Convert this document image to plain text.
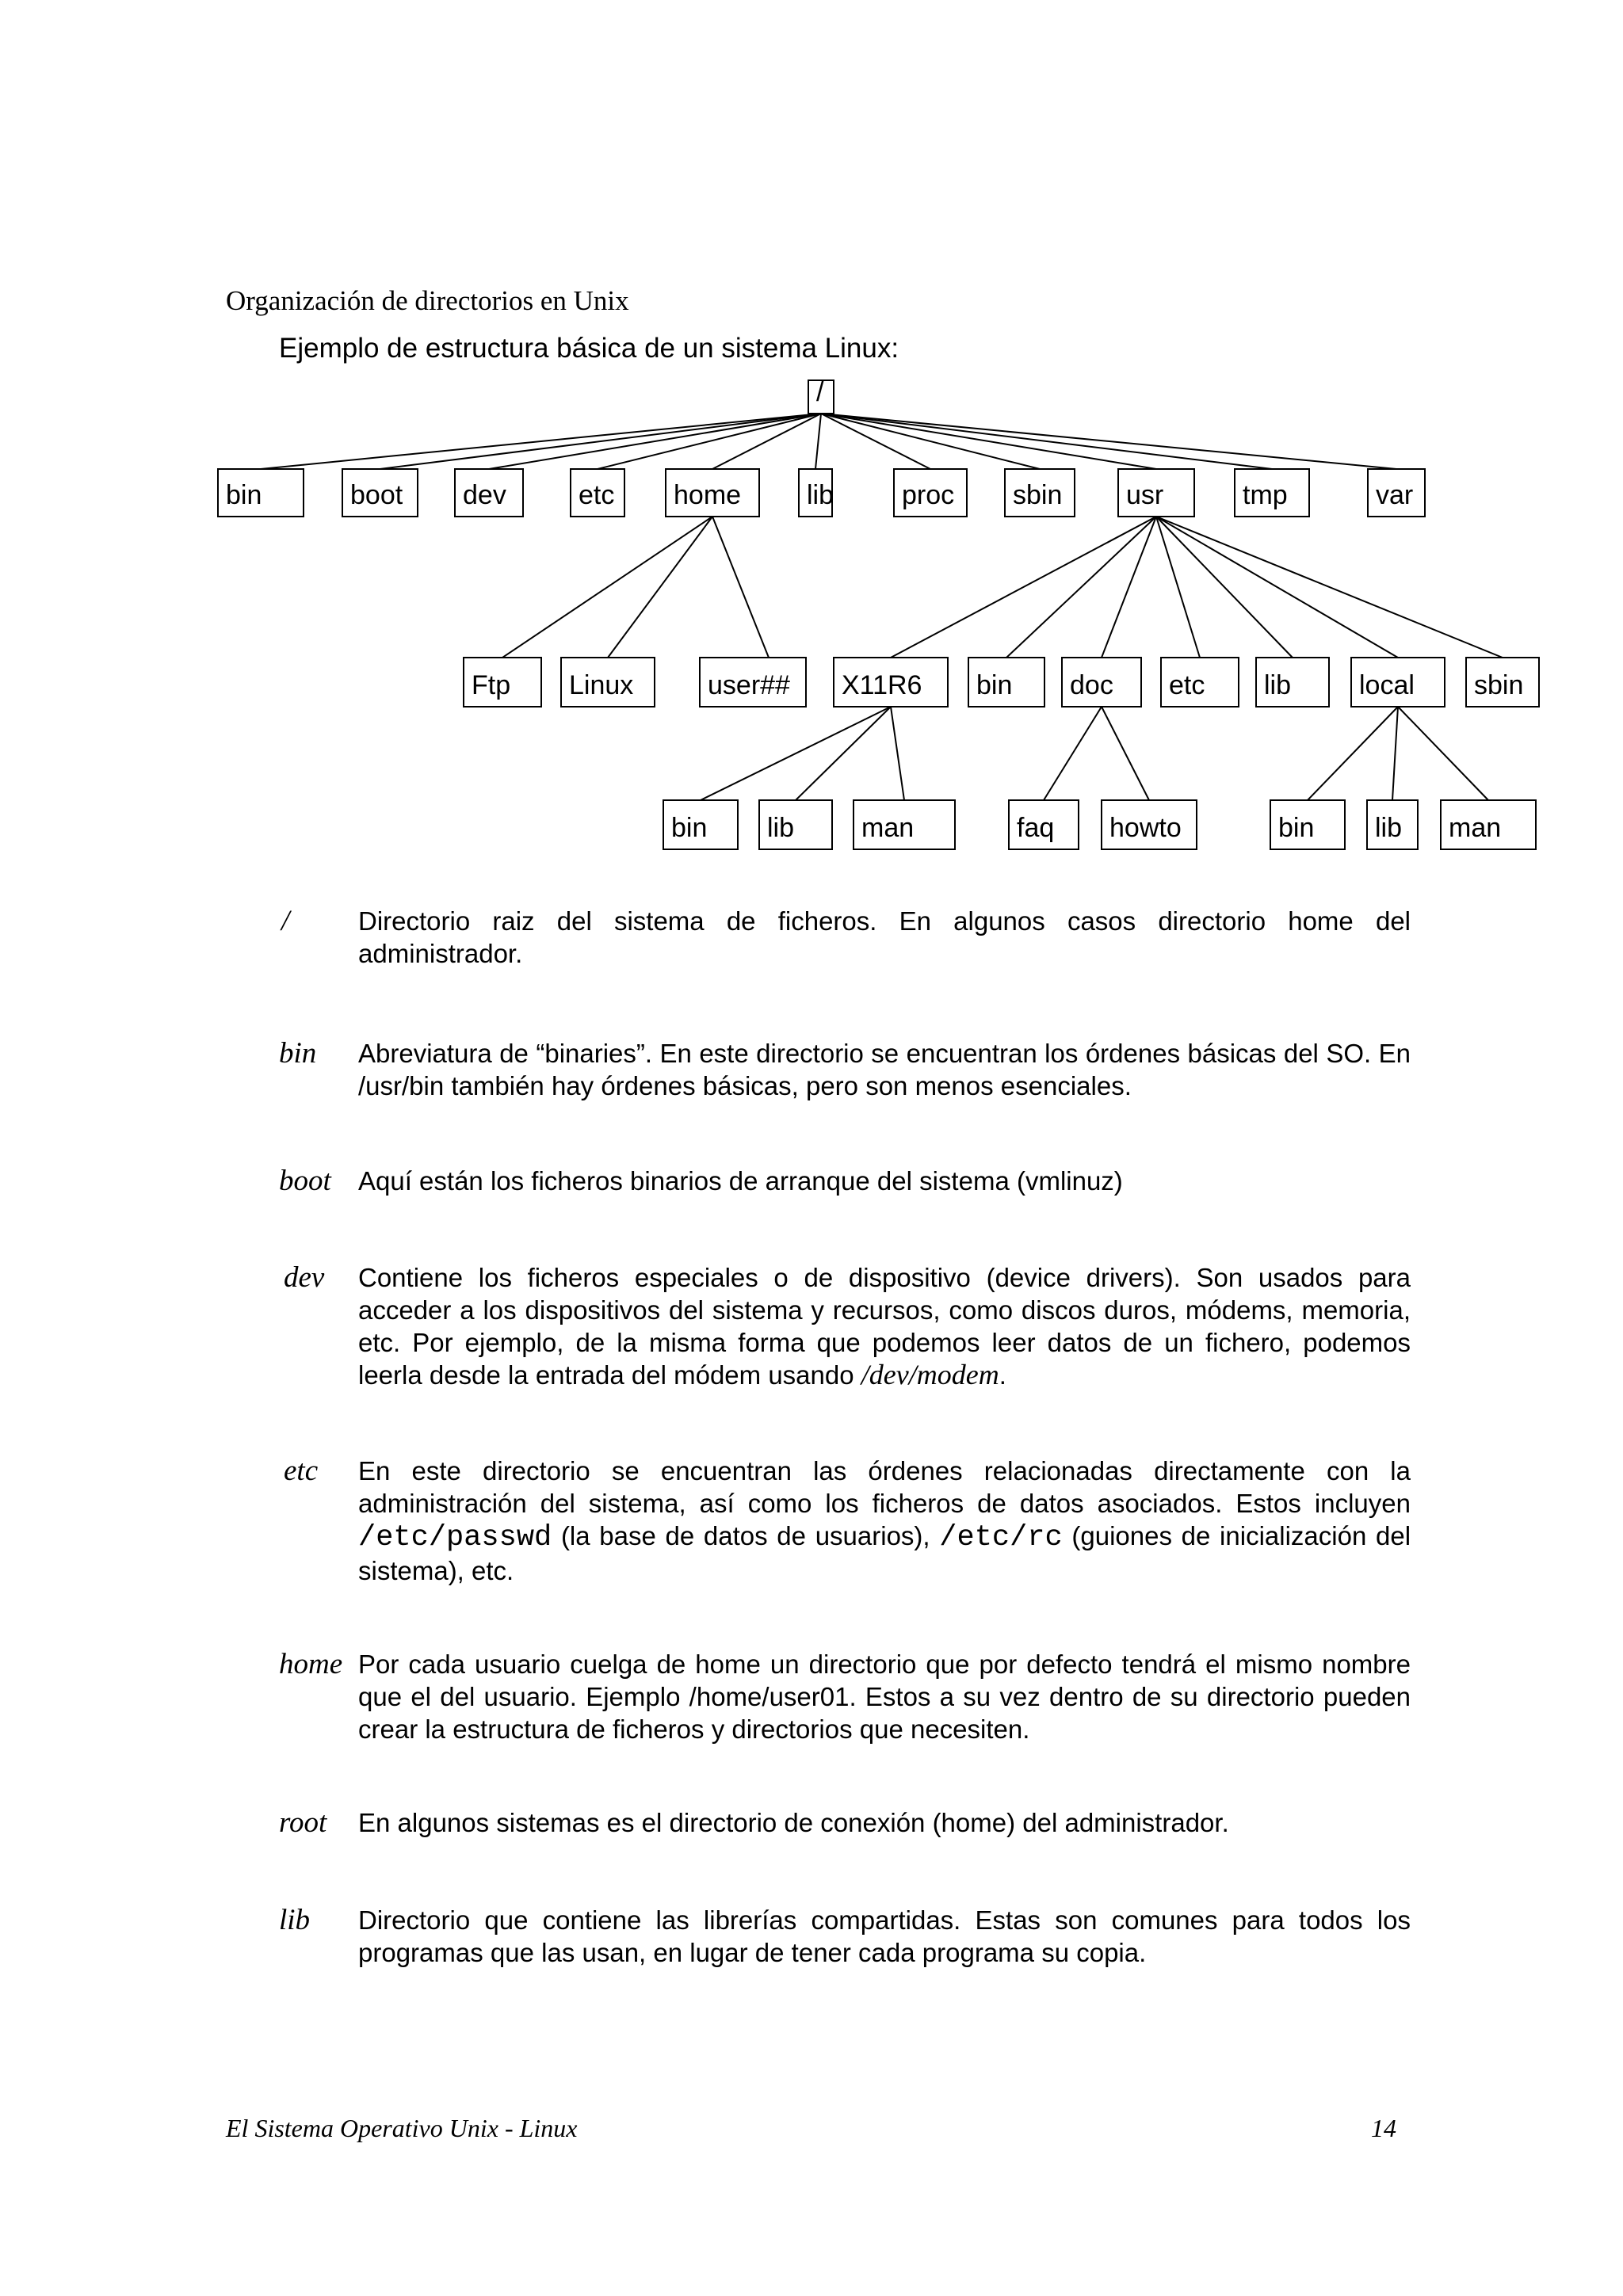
Organización de directorios en Unix
Ejemplo de estructura básica de un sistema Linux:
/
bin	boot dev	etc home lib	proc sbin usr	tmp	var
Ftp Linux	user## X11R6 bin doc etc lib	local sbin
bin lib man	faq howto	bin lib man
/	Directorio raiz del sistema de ficheros. En algunos casos directorio home del administrador.
bin Abreviatura de “binaries”. En este directorio se encuentran los órdenes básicas del SO. En /usr/bin también hay órdenes básicas, pero son menos esenciales.
boot Aquí están los ficheros binarios de arranque del sistema (vmlinuz)
dev Contiene los ficheros especiales o de dispositivo (device drivers). Son usados para acceder a los dispositivos del sistema y recursos, como discos duros, módems, memoria, etc. Por ejemplo, de la misma forma que podemos leer datos de un fichero, podemos leerla desde la entrada del módem usando /dev/modem.
etc En este directorio se encuentran las órdenes relacionadas directamente con la administración del sistema, así como los ficheros de datos asociados. Estos incluyen /etc/passwd (la base de datos de usuarios), /etc/rc (guiones de inicialización del sistema), etc.
home Por cada usuario cuelga de home un directorio que por defecto tendrá el mismo nombre que el del usuario. Ejemplo /home/user01. Estos a su vez dentro de su directorio pueden crear la estructura de ficheros y directorios que necesiten.
root En algunos sistemas es el directorio de conexión (home) del administrador.
lib Directorio que contiene las librerías compartidas. Estas son comunes para todos los programas que las usan, en lugar de tener cada programa su copia.
El Sistema Operativo Unix - Linux	14
